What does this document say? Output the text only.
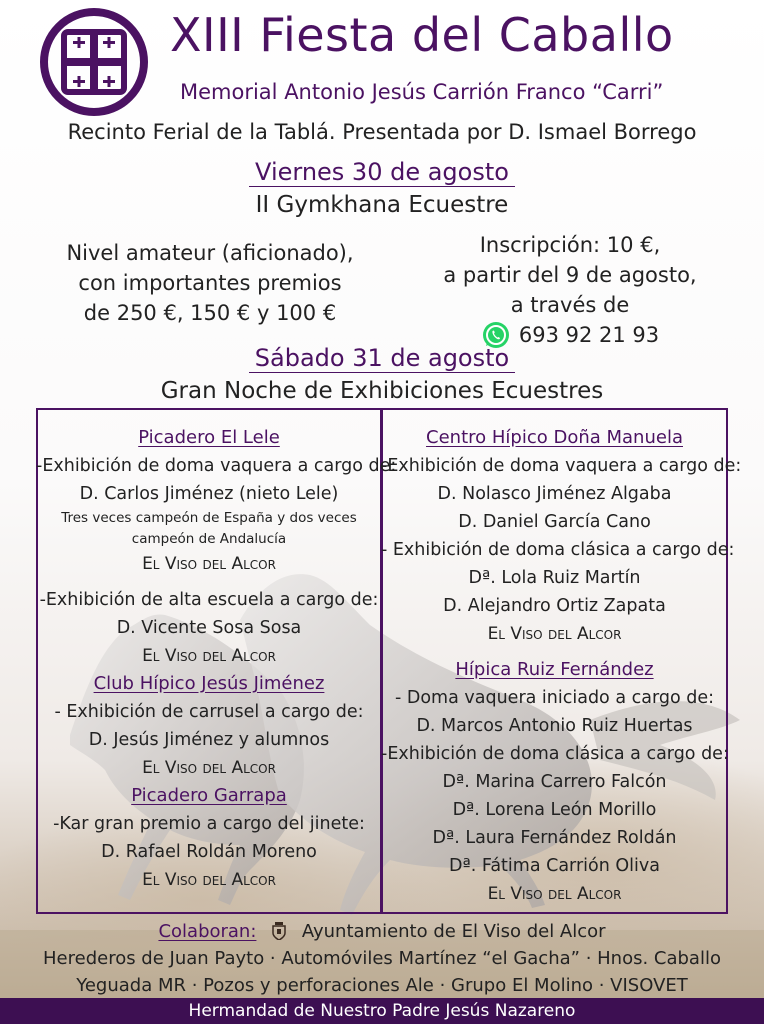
XIII Fiesta del Caballo
Memorial Antonio Jesús Carrión Franco “Carri”
Recinto Ferial de la Tablá. Presentada por D. Ismael Borrego
Viernes 30 de agosto
II Gymkhana Ecuestre
Nivel amateur (aficionado),
con importantes premios
de 250 €, 150 € y 100 €
Inscripción: 10 €,
a partir del 9 de agosto,
a través de
693 92 21 93
Sábado 31 de agosto
Gran Noche de Exhibiciones Ecuestres
Picadero El Lele
-Exhibición de doma vaquera a cargo de:
D. Carlos Jiménez (nieto Lele)
Tres veces campeón de España y dos veces
campeón de Andalucía
El Viso del Alcor
-Exhibición de alta escuela a cargo de:
D. Vicente Sosa Sosa
El Viso del Alcor
Club Hípico Jesús Jiménez
- Exhibición de carrusel a cargo de:
D. Jesús Jiménez y alumnos
El Viso del Alcor
Picadero Garrapa
-Kar gran premio a cargo del jinete:
D. Rafael Roldán Moreno
El Viso del Alcor
Centro Hípico Doña Manuela
-Exhibición de doma vaquera a cargo de:
D. Nolasco Jiménez Algaba
D. Daniel García Cano
- Exhibición de doma clásica a cargo de:
Dª. Lola Ruiz Martín
D. Alejandro Ortiz Zapata
El Viso del Alcor
Hípica Ruiz Fernández
- Doma vaquera iniciado a cargo de:
D. Marcos Antonio Ruiz Huertas
-Exhibición de doma clásica a cargo de:
Dª. Marina Carrero Falcón
Dª. Lorena León Morillo
Dª. Laura Fernández Roldán
Dª. Fátima Carrión Oliva
El Viso del Alcor
Colaboran:	Ayuntamiento de El Viso del Alcor
Herederos de Juan Payto · Automóviles Martínez “el Gacha” · Hnos. Caballo
Yeguada MR · Pozos y perforaciones Ale · Grupo El Molino · VISOVET
Hermandad de Nuestro Padre Jesús Nazareno
